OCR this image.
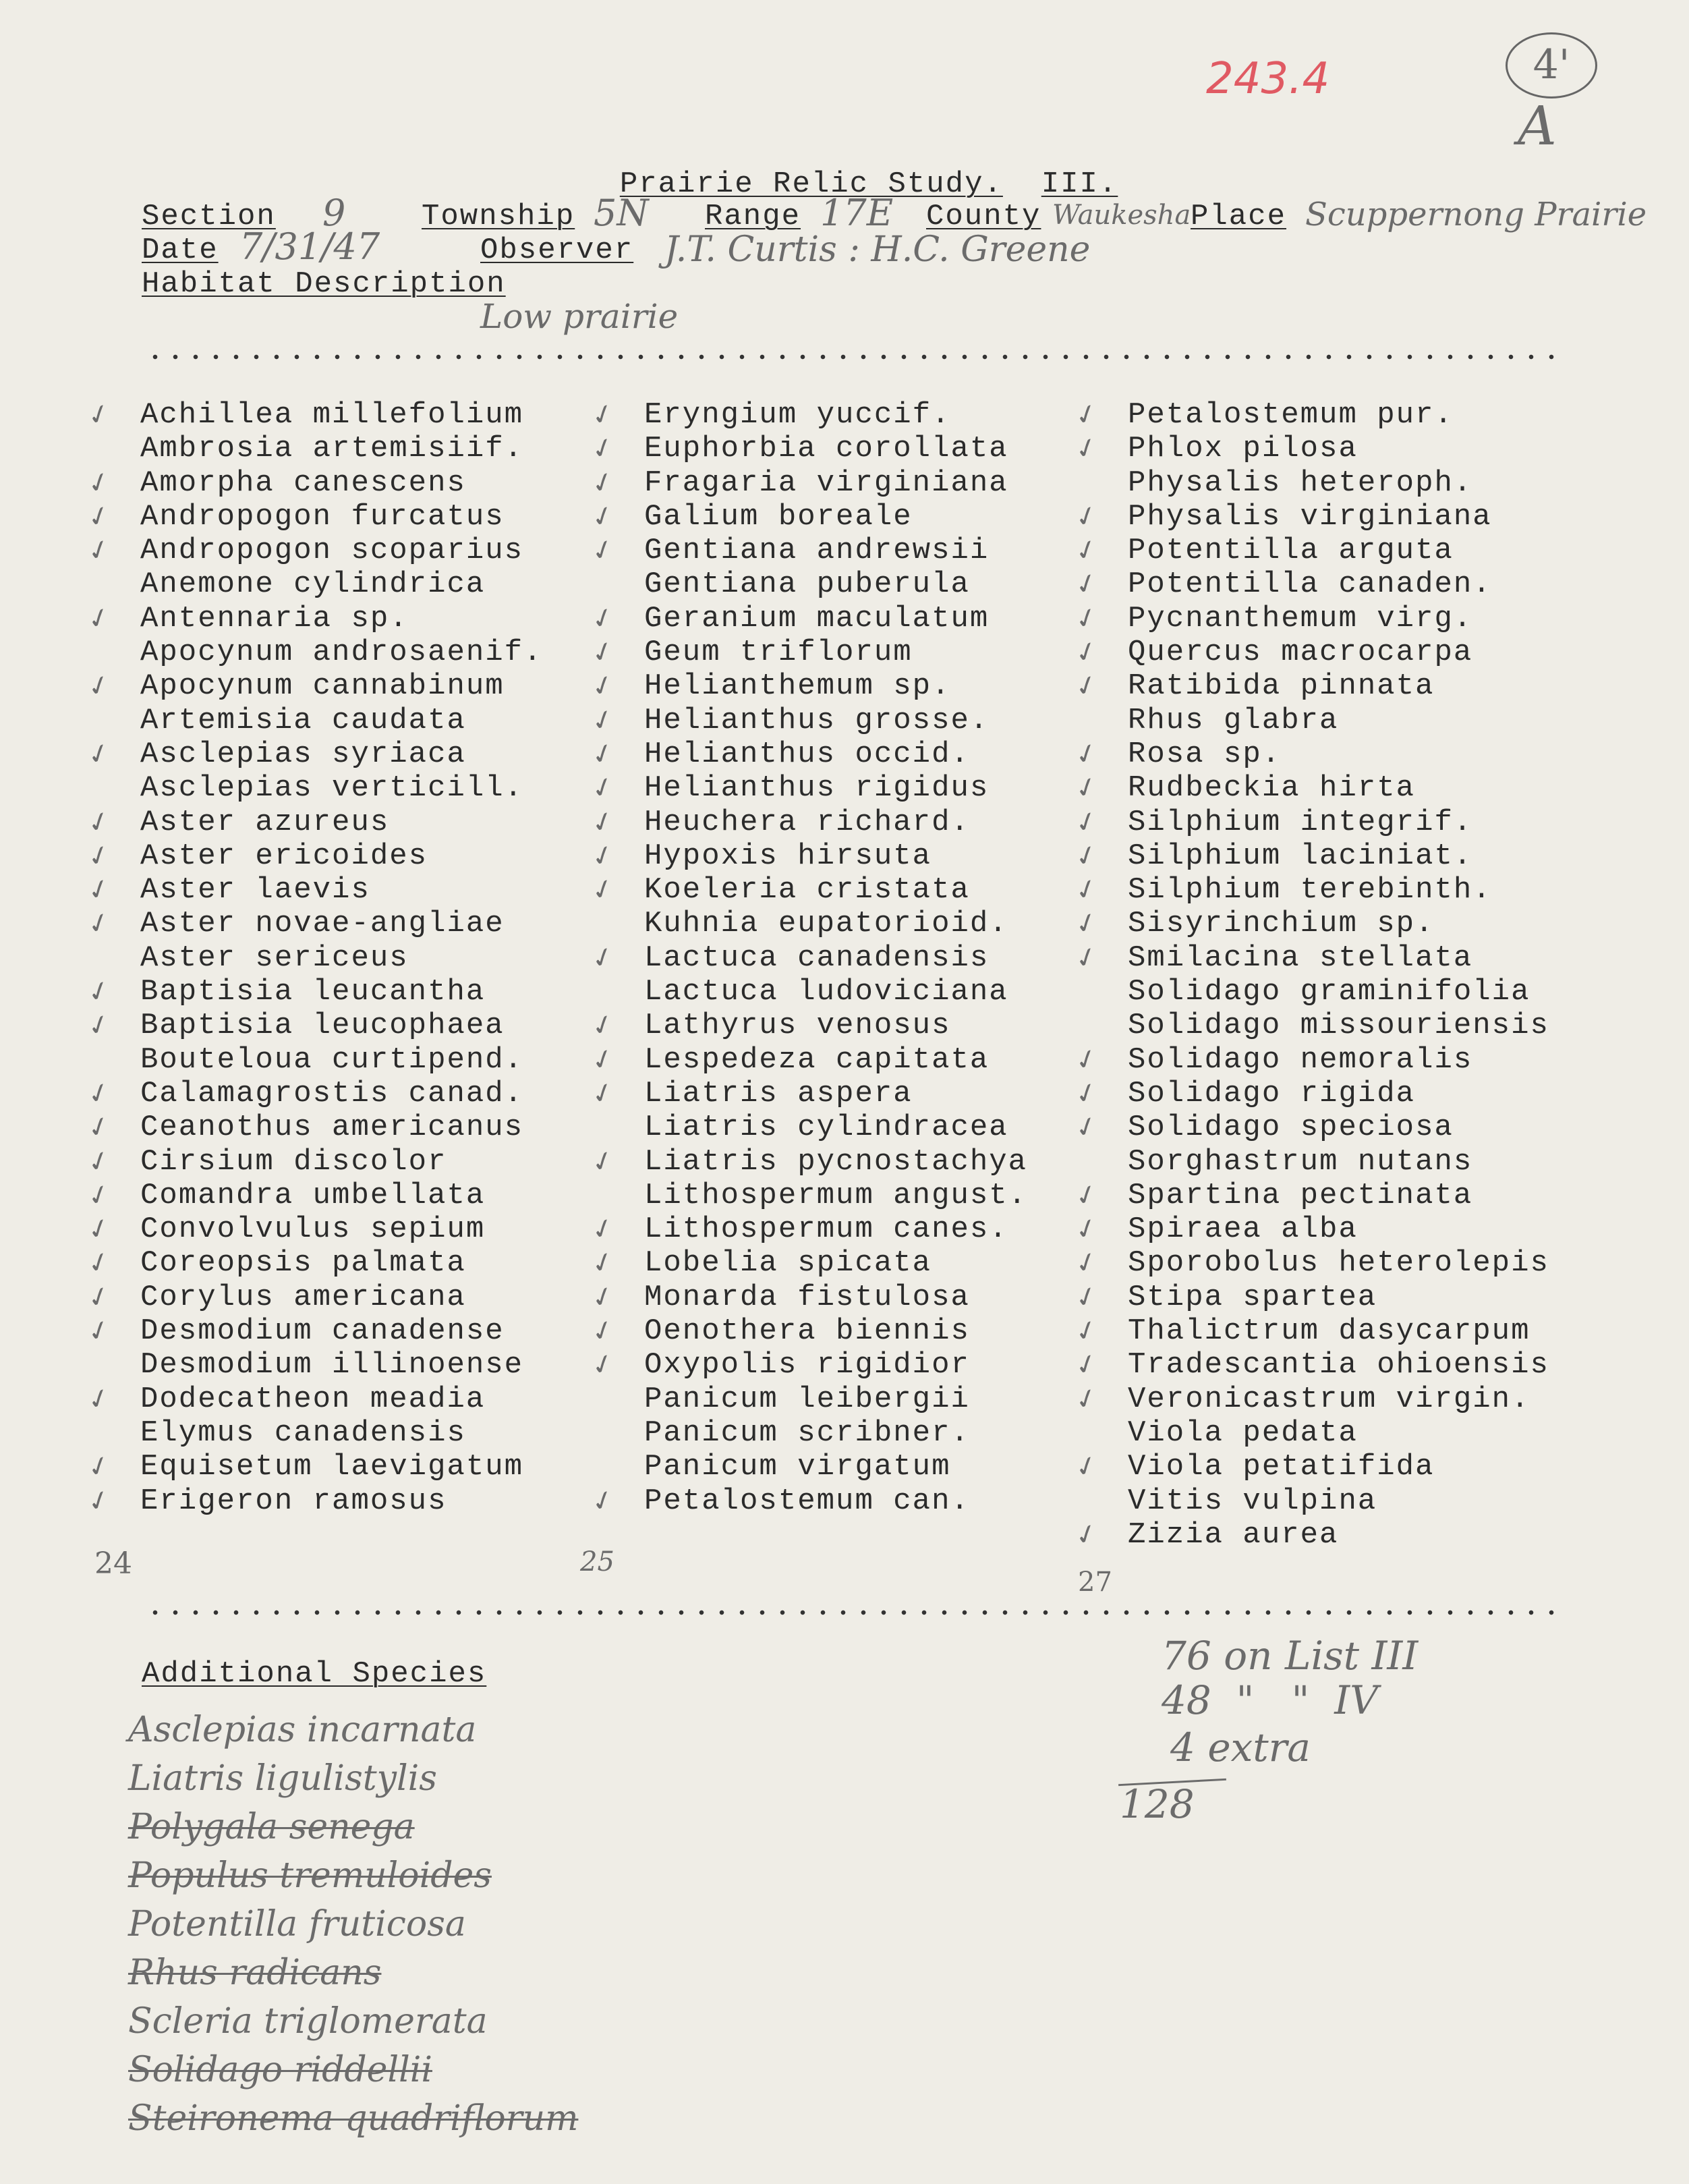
243.4	4'
A

Prairie Relic Study. III.

Section 9	Township 5N Range 17E County Waukesha Place Scuppernong Prairie
Date 7/31/47	Observer J.T. Curtis : H.C. Greene
Habitat Description
Low prairie
✓ Achillea millefolium
Ambrosia artemisiif.
✓ Amorpha canescens
✓ Andropogon furcatus
✓ Andropogon scoparius
Anemone cylindrica
✓ Antennaria sp.
Apocynum androsaenif.
✓ Apocynum cannabinum
Artemisia caudata
✓ Asclepias syriaca
Asclepias verticill.
✓ Aster azureus
✓ Aster ericoides
✓ Aster laevis
✓ Aster novae-angliae
Aster sericeus
✓ Baptisia leucantha
✓ Baptisia leucophaea
Bouteloua curtipend.
✓ Calamagrostis canad.
✓ Ceanothus americanus
✓ Cirsium discolor
✓ Comandra umbellata
✓ Convolvulus sepium
✓ Coreopsis palmata
✓ Corylus americana
✓ Desmodium canadense
Desmodium illinoense
✓ Dodecatheon meadia
Elymus canadensis
✓ Equisetum laevigatum
✓ Erigeron ramosus
✓ Eryngium yuccif.
✓ Euphorbia corollata
✓ Fragaria virginiana
✓ Galium boreale
✓ Gentiana andrewsii
Gentiana puberula
✓ Geranium maculatum
✓ Geum triflorum
✓ Helianthemum sp.
✓ Helianthus grosse.
✓ Helianthus occid.
✓ Helianthus rigidus
✓ Heuchera richard.
✓ Hypoxis hirsuta
✓ Koeleria cristata
Kuhnia eupatorioid.
✓ Lactuca canadensis
Lactuca ludoviciana
✓ Lathyrus venosus
✓ Lespedeza capitata
✓ Liatris aspera
Liatris cylindracea
✓ Liatris pycnostachya
Lithospermum angust.
✓ Lithospermum canes.
✓ Lobelia spicata
✓ Monarda fistulosa
✓ Oenothera biennis
✓ Oxypolis rigidior
Panicum leibergii
Panicum scribner.
Panicum virgatum
✓ Petalostemum can.
✓ Petalostemum pur.
✓ Phlox pilosa
Physalis heteroph.
✓ Physalis virginiana
✓ Potentilla arguta
✓ Potentilla canaden.
✓ Pycnanthemum virg.
✓ Quercus macrocarpa
✓ Ratibida pinnata
Rhus glabra
✓ Rosa sp.
✓ Rudbeckia hirta
✓ Silphium integrif.
✓ Silphium laciniat.
✓ Silphium terebinth.
✓ Sisyrinchium sp.
✓ Smilacina stellata
Solidago graminifolia
Solidago missouriensis
✓ Solidago nemoralis
✓ Solidago rigida
✓ Solidago speciosa
Sorghastrum nutans
✓ Spartina pectinata
✓ Spiraea alba
✓ Sporobolus heterolepis
✓ Stipa spartea
✓ Thalictrum dasycarpum
✓ Tradescantia ohioensis
✓ Veronicastrum virgin.
Viola pedata
✓ Viola petatifida
Vitis vulpina
✓ Zizia aurea
24	25
27
Additional Species
Asclepias incarnata
Liatris ligulistylis
Polygala senega
Populus tremuloides
Potentilla fruticosa
Rhus radicans
Scleria triglomerata
Solidago riddellii
Steironema quadriflorum
76 on List III
48  "   "  IV
4 extra
128
